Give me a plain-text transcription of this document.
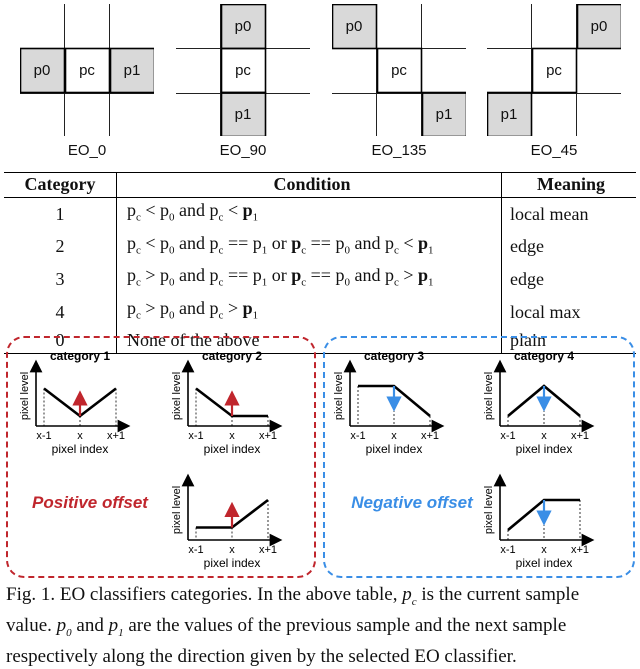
p0	pc	p1
p0
pc
p1
p0
pc
p1
p0
pc
p1
EO_0	EO_90	EO_135	EO_45
Category	Condition	Meaning
1	$p_c < p_0$ and $p_c < p_1$	local mean
2	$p_c < p_0$ and $p_c == p_1$ or $p_c == p_0$ and $p_c < p_1$	edge
3	$p_c > p_0$ and $p_c == p_1$ or $p_c == p_0$ and $p_c > p_1$	edge
4	$p_c > p_0$ and $p_c > p_1$	local max
0	None of the above	plain
Positive offset	Negative offset
pixel level
x-1 x x+1
pixel index
category 1
pixel level
x-1 x x+1
pixel index
category 2
pixel level
x-1 x x+1
pixel index
pixel level
x-1 x x+1
pixel index
category 3
pixel level
x-1 x x+1
pixel index
category 4
pixel level
x-1 x x+1
pixel index
Fig. 1. EO classifiers categories. In the above table, $p_c$ is the current sample
value. $p_0$ and $p_1$ are the values of the previous sample and the next sample
respectively along the direction given by the selected EO classifier.
